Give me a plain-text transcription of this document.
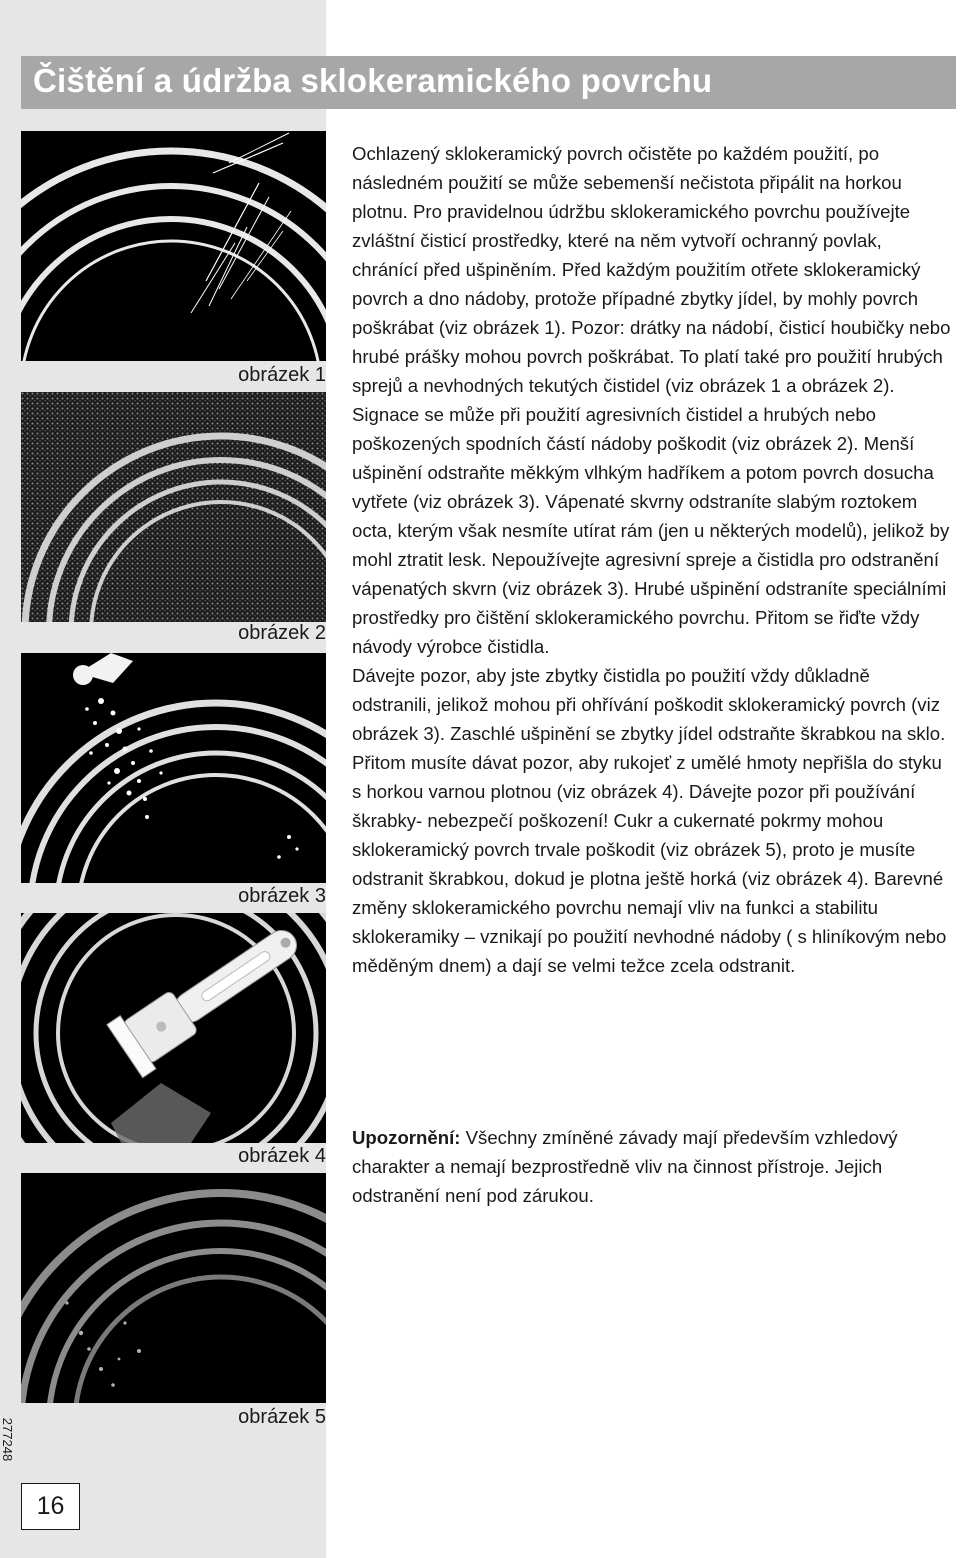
Čištění a údržba sklokeramického povrchu
obrázek 1
obrázek 2
obrázek 3
obrázek 4
obrázek 5

Ochlazený sklokeramický povrch očistěte po každém použití, po následném použití se může sebemenší nečistota připálit na horkou plotnu. Pro pravidelnou údržbu sklokeramického povrchu používejte zvláštní čisticí prostředky, které na něm vytvoří ochranný povlak, chránící před ušpiněním. Před každým použitím otřete sklokeramický povrch a dno nádoby, protože případné zbytky jídel, by mohly povrch poškrábat (viz obrázek 1). Pozor: drátky na nádobí, čisticí houbičky nebo hrubé prášky mohou povrch poškrábat. To platí také pro použití hrubých sprejů a nevhodných tekutých čistidel (viz obrázek 1 a obrázek 2). Signace se může při použití agresivních čistidel a hrubých nebo poškozených spodních částí nádoby poškodit (viz obrázek 2). Menší ušpinění odstraňte měkkým vlhkým hadříkem a potom povrch dosucha vytřete (viz obrázek 3). Vápenaté skvrny odstraníte slabým roztokem octa, kterým však nesmíte utírat rám (jen u některých modelů), jelikož by mohl ztratit lesk. Nepoužívejte agresivní spreje a čistidla pro odstranění vápenatých skvrn (viz obrázek 3). Hrubé ušpinění odstraníte speciálními prostředky pro čištění sklokeramického povrchu. Přitom se řiďte vždy návody výrobce čistidla.

Dávejte pozor, aby jste zbytky čistidla po použití vždy důkladně odstranili, jelikož mohou při ohřívání poškodit sklokeramický povrch (viz obrázek 3). Zaschlé ušpinění se zbytky jídel odstraňte škrabkou na sklo. Přitom musíte dávat pozor, aby rukojeť z umělé hmoty nepřišla do styku s horkou varnou plotnou (viz obrázek 4). Dávejte pozor při používání škrabky- nebezpečí poškození! Cukr a cukernaté pokrmy mohou sklokeramický povrch trvale poškodit (viz obrázek 5), proto je musíte odstranit škrabkou, dokud je plotna ještě horká (viz obrázek 4). Barevné změny sklokeramického povrchu nemají vliv na funkci a stabilitu sklokeramiky – vznikají po použití nevhodné nádoby ( s hliníkovým nebo měděným dnem) a dají se velmi težce zcela odstranit.

Upozornění: Všechny zmíněné závady mají především vzhledový charakter a nemají bezprostředně vliv na činnost přístroje. Jejich odstranění není pod zárukou.

277248
16
